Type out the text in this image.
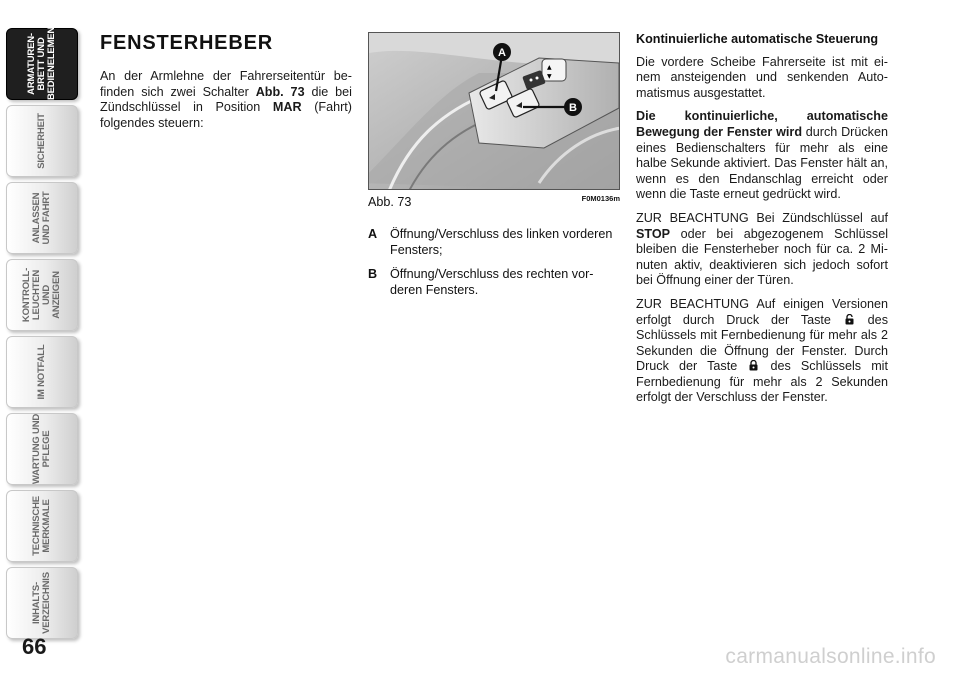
ARMATUREN-
BRETT UND
BEDIENELEMENTE
SICHERHEIT
ANLASSEN
UND FAHRT
KONTROLL-
LEUCHTEN UND
ANZEIGEN
IM NOTFALL
WARTUNG UND
PFLEGE
TECHNISCHE
MERKMALE
INHALTS-
VERZEICHNIS
66
FENSTERHEBER
An der Armlehne der Fahrerseitentür befinden sich zwei Schalter Abb. 73 die bei Zündschlüssel in Position MAR (Fahrt) folgendes steuern:
▲
▼
A
B
Abb. 73	F0M0136m
A	Öffnung/Verschluss des linken vorderen Fensters;
B	Öffnung/Verschluss des rechten vorderen Fensters.
Kontinuierliche automatische Steuerung
Die vordere Scheibe Fahrerseite ist mit einem ansteigenden und senkenden Automatismus ausgestattet.
Die kontinuierliche, automatische Bewegung der Fenster wird durch Drücken eines Bedienschalters für mehr als eine halbe Sekunde aktiviert. Das Fenster hält an, wenn es den Endanschlag erreicht oder wenn die Taste erneut gedrückt wird.
ZUR BEACHTUNG Bei Zündschlüssel auf STOP oder bei abgezogenem Schlüssel bleiben die Fensterheber noch für ca. 2 Minuten aktiv, deaktivieren sich jedoch sofort bei Öffnung einer der Türen.
ZUR BEACHTUNG Auf einigen Versionen erfolgt durch Druck der Taste  des Schlüssels mit Fernbedienung für mehr als 2 Sekunden die Öffnung der Fenster. Durch Druck der Taste  des Schlüssels mit Fernbedienung für mehr als 2 Sekunden erfolgt der Verschluss der Fenster.
carmanualsonline.info
